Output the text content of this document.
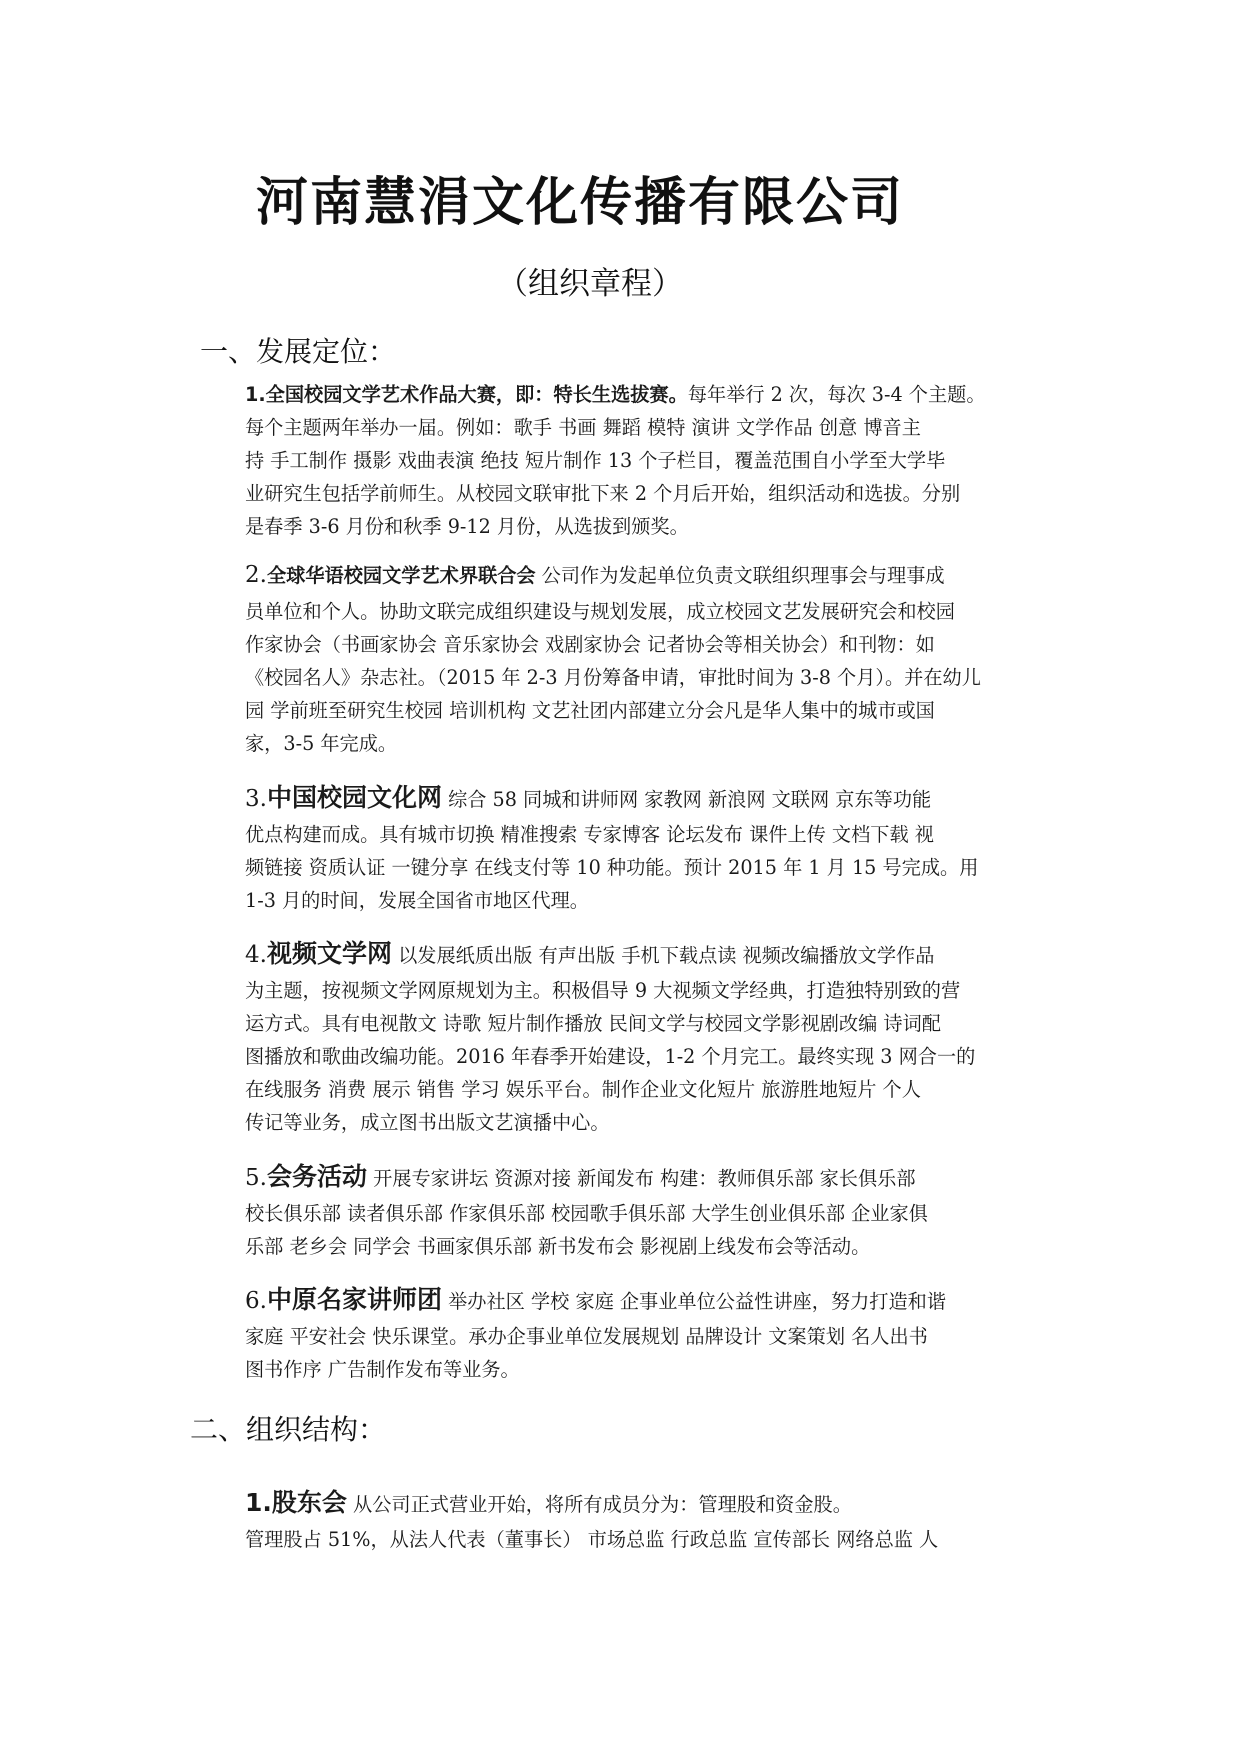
河南慧涓文化传播有限公司
（组织章程）
一、发展定位：
1.全国校园文学艺术作品大赛，即：特长生选拔赛。每年举行 2 次，每次 3-4 个主题。
每个主题两年举办一届。例如：歌手 书画 舞蹈 模特 演讲 文学作品 创意 博音主
持 手工制作 摄影 戏曲表演 绝技 短片制作 13 个子栏目，覆盖范围自小学至大学毕
业研究生包括学前师生。从校园文联审批下来 2 个月后开始，组织活动和选拔。分别
是春季 3-6 月份和秋季 9-12 月份，从选拔到颁奖。
2.全球华语校园文学艺术界联合会 公司作为发起单位负责文联组织理事会与理事成
员单位和个人。协助文联完成组织建设与规划发展，成立校园文艺发展研究会和校园
作家协会（书画家协会 音乐家协会 戏剧家协会 记者协会等相关协会）和刊物：如
《校园名人》杂志社。（2015 年 2-3 月份筹备申请，审批时间为 3-8 个月）。并在幼儿
园 学前班至研究生校园 培训机构 文艺社团内部建立分会凡是华人集中的城市或国
家，3-5 年完成。
3.中国校园文化网 综合 58 同城和讲师网 家教网 新浪网 文联网 京东等功能
优点构建而成。具有城市切换 精准搜索 专家博客 论坛发布 课件上传 文档下载 视
频链接 资质认证 一键分享 在线支付等 10 种功能。预计 2015 年 1 月 15 号完成。用
1-3 月的时间，发展全国省市地区代理。
4.视频文学网 以发展纸质出版 有声出版 手机下载点读 视频改编播放文学作品
为主题，按视频文学网原规划为主。积极倡导 9 大视频文学经典，打造独特别致的营
运方式。具有电视散文 诗歌 短片制作播放 民间文学与校园文学影视剧改编 诗词配
图播放和歌曲改编功能。2016 年春季开始建设，1-2 个月完工。最终实现 3 网合一的
在线服务 消费 展示 销售 学习 娱乐平台。制作企业文化短片 旅游胜地短片 个人
传记等业务，成立图书出版文艺演播中心。
5.会务活动 开展专家讲坛 资源对接 新闻发布 构建：教师俱乐部 家长俱乐部
校长俱乐部 读者俱乐部 作家俱乐部 校园歌手俱乐部 大学生创业俱乐部 企业家俱
乐部 老乡会 同学会 书画家俱乐部 新书发布会 影视剧上线发布会等活动。
6.中原名家讲师团 举办社区 学校 家庭 企事业单位公益性讲座，努力打造和谐
家庭 平安社会 快乐课堂。承办企事业单位发展规划 品牌设计 文案策划 名人出书
图书作序 广告制作发布等业务。
二、组织结构：
1.股东会 从公司正式营业开始，将所有成员分为：管理股和资金股。
管理股占 51%，从法人代表（董事长） 市场总监 行政总监 宣传部长 网络总监 人
